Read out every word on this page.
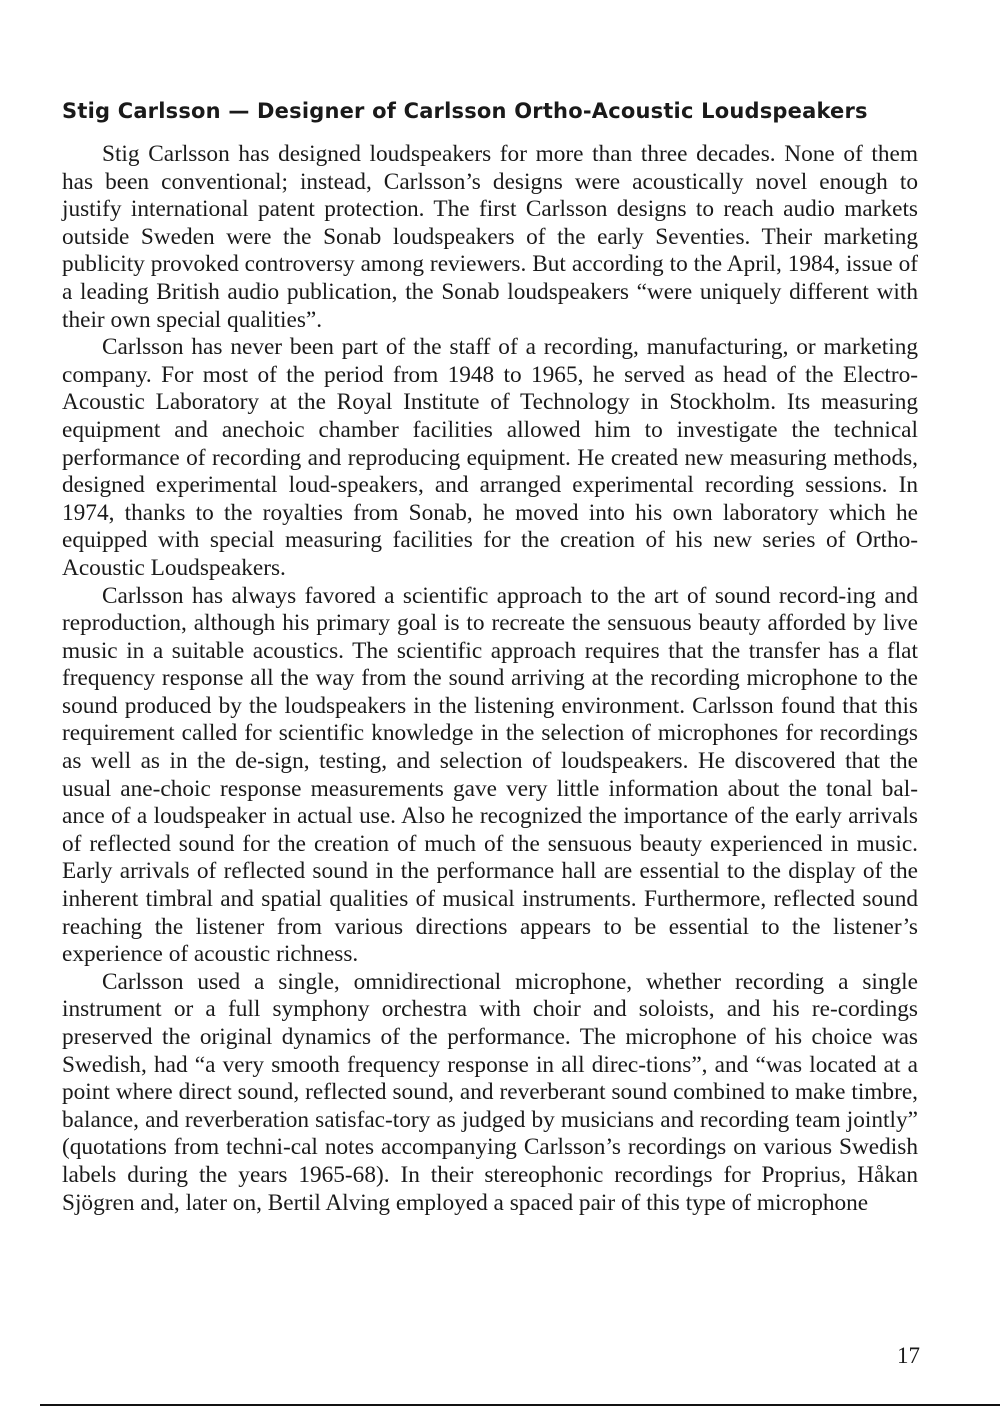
Stig Carlsson — Designer of Carlsson Ortho-Acoustic Loudspeakers

Stig Carlsson has designed loudspeakers for more than three decades. None of them has been conventional; instead, Carlsson’s designs were acoustically novel enough to justify international patent protection. The first Carlsson designs to reach audio markets outside Sweden were the Sonab loudspeakers of the early Seventies. Their marketing publicity provoked controversy among reviewers. But according to the April, 1984, issue of a leading British audio publication, the Sonab loudspeakers “were uniquely different with their own special qualities”.

Carlsson has never been part of the staff of a recording, manufacturing, or marketing company. For most of the period from 1948 to 1965, he served as head of the Electro-Acoustic Laboratory at the Royal Institute of Technology in Stockholm. Its measuring equipment and anechoic chamber facilities allowed him to investigate the technical performance of recording and reproducing equipment. He created new measuring methods, designed experimental loud-speakers, and arranged experimental recording sessions. In 1974, thanks to the royalties from Sonab, he moved into his own laboratory which he equipped with special measuring facilities for the creation of his new series of Ortho-Acoustic Loudspeakers.

Carlsson has always favored a scientific approach to the art of sound record-ing and reproduction, although his primary goal is to recreate the sensuous beauty afforded by live music in a suitable acoustics. The scientific approach requires that the transfer has a flat frequency response all the way from the sound arriving at the recording microphone to the sound produced by the loudspeakers in the listening environment. Carlsson found that this requirement called for scientific knowledge in the selection of microphones for recordings as well as in the de-sign, testing, and selection of loudspeakers. He discovered that the usual ane-choic response measurements gave very little information about the tonal bal-ance of a loudspeaker in actual use. Also he recognized the importance of the early arrivals of reflected sound for the creation of much of the sensuous beauty experienced in music. Early arrivals of reflected sound in the performance hall are essential to the display of the inherent timbral and spatial qualities of musical instruments. Furthermore, reflected sound reaching the listener from various directions appears to be essential to the listener’s experience of acoustic richness.

Carlsson used a single, omnidirectional microphone, whether recording a single instrument or a full symphony orchestra with choir and soloists, and his re-cordings preserved the original dynamics of the performance. The microphone of his choice was Swedish, had “a very smooth frequency response in all direc-tions”, and “was located at a point where direct sound, reflected sound, and reverberant sound combined to make timbre, balance, and reverberation satisfac-tory as judged by musicians and recording team jointly” (quotations from techni-cal notes accompanying Carlsson’s recordings on various Swedish labels during the years 1965-68). In their stereophonic recordings for Proprius, Håkan Sjögren and, later on, Bertil Alving employed a spaced pair of this type of microphone

17
